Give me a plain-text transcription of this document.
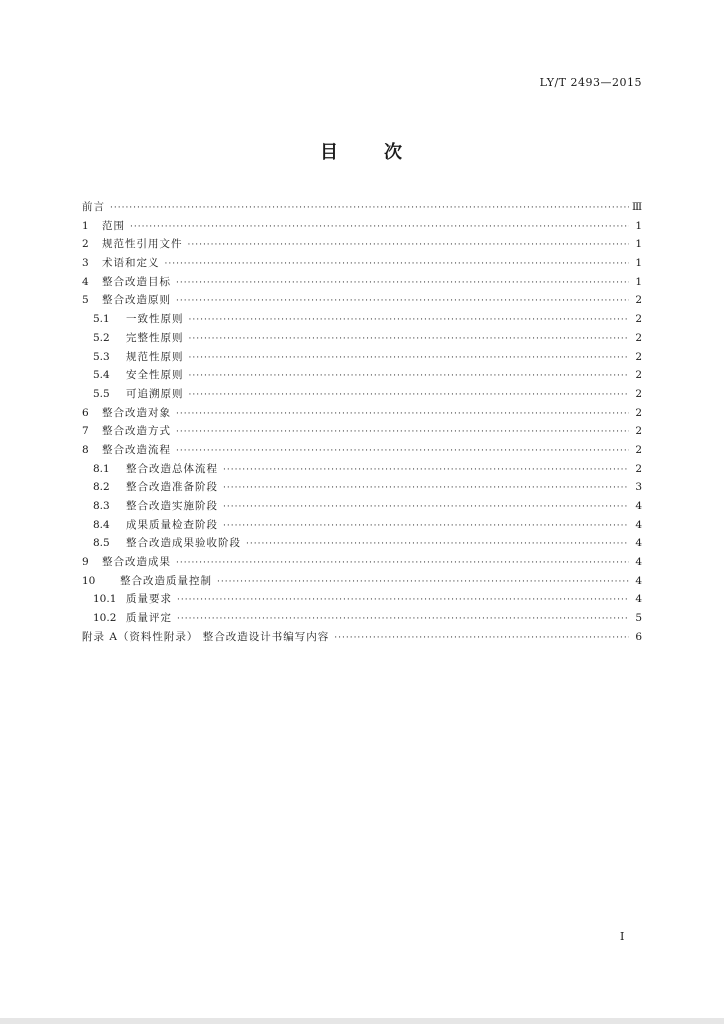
LY/T 2493—2015
目 次
前言 ·····	Ⅲ
1	范围 ·····	1
2	规范性引用文件 ·····	1
3	术语和定义 ·····	1
4	整合改造目标 ·····	1
5	整合改造原则 ·····	2
5.1	一致性原则 ·····	2
5.2	完整性原则 ·····	2
5.3	规范性原则 ·····	2
5.4	安全性原则 ·····	2
5.5	可追溯原则 ·····	2
6	整合改造对象 ·····	2
7	整合改造方式 ·····	2
8	整合改造流程 ·····	2
8.1	整合改造总体流程 ·····	2
8.2	整合改造准备阶段 ·····	3
8.3	整合改造实施阶段 ·····	4
8.4	成果质量检查阶段 ·····	4
8.5	整合改造成果验收阶段 ·····	4
9	整合改造成果 ·····	4
10	整合改造质量控制 ·····	4
10.1 质量要求 ·····	4
10.2 质量评定 ·····	5
附录 A（资料性附录） 整合改造设计书编写内容 ·····	6
I
